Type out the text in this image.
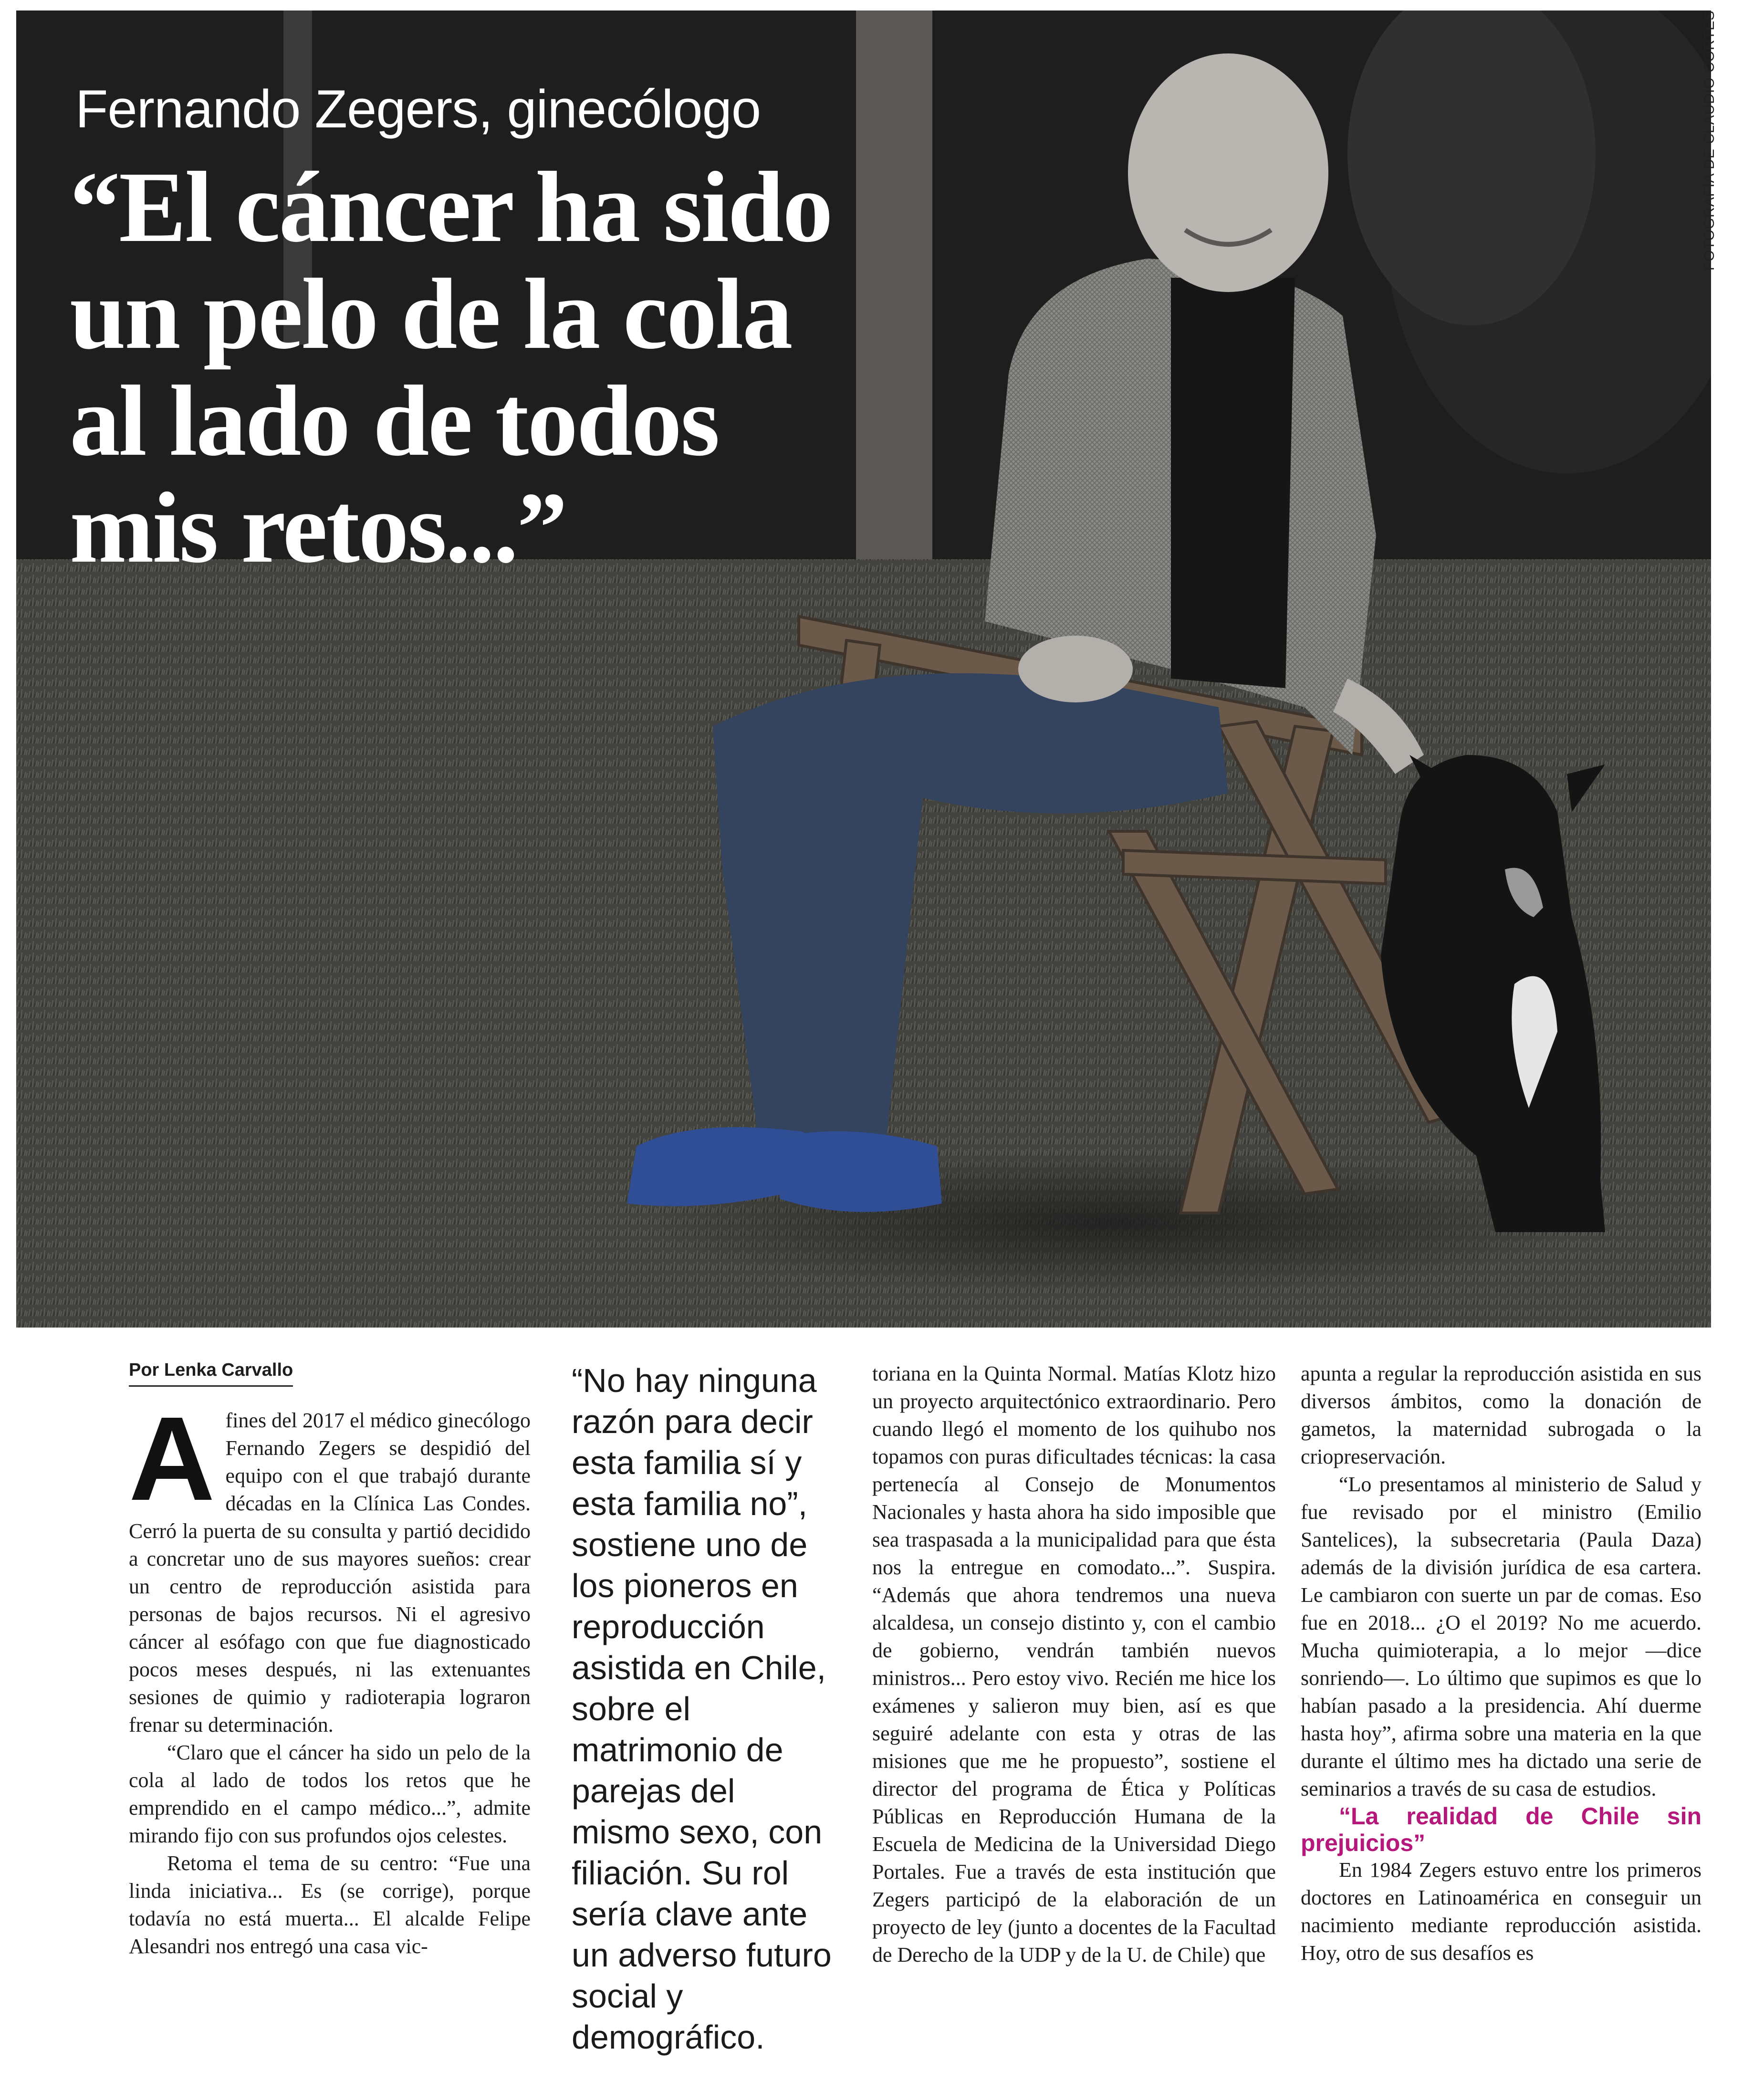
Fernando Zegers, ginecólogo
“El cáncer ha sido un pelo de la cola al lado de todos mis retos...”
FOTOGRAFÍA DE CLAUDIO CORTÉS
Por Lenka Carvallo

A fines del 2017 el médico ginecólogo Fernando Zegers se despidió del equipo con el que trabajó durante décadas en la Clínica Las Condes. Cerró la puerta de su consulta y partió decidido a concretar uno de sus mayores sueños: crear un centro de reproducción asistida para personas de bajos recursos. Ni el agresivo cáncer al esófago con que fue diagnosticado pocos meses después, ni las extenuantes sesiones de quimio y radioterapia lograron frenar su determinación.

“Claro que el cáncer ha sido un pelo de la cola al lado de todos los retos que he emprendido en el campo médico...”, admite mirando fijo con sus profundos ojos celestes.

Retoma el tema de su centro: “Fue una linda iniciativa... Es (se corrige), porque todavía no está muerta... El alcalde Felipe Alesandri nos entregó una casa vic-

“No hay ninguna razón para decir esta familia sí y esta familia no”, sostiene uno de los pioneros en reproducción asistida en Chile, sobre el matrimonio de parejas del mismo sexo, con filiación. Su rol sería clave ante un adverso futuro social y demográfico.

toriana en la Quinta Normal. Matías Klotz hizo un proyecto arquitectónico extraordinario. Pero cuando llegó el momento de los quihubo nos topamos con puras dificultades técnicas: la casa pertenecía al Consejo de Monumentos Nacionales y hasta ahora ha sido imposible que sea traspasada a la municipalidad para que ésta nos la entregue en comodato...”. Suspira. “Además que ahora tendremos una nueva alcaldesa, un consejo distinto y, con el cambio de gobierno, vendrán también nuevos ministros... Pero estoy vivo. Recién me hice los exámenes y salieron muy bien, así es que seguiré adelante con esta y otras de las misiones que me he propuesto”, sostiene el director del programa de Ética y Políticas Públicas en Reproducción Humana de la Escuela de Medicina de la Universidad Diego Portales. Fue a través de esta institución que Zegers participó de la elaboración de un proyecto de ley (junto a docentes de la Facultad de Derecho de la UDP y de la U. de Chile) que

apunta a regular la reproducción asistida en sus diversos ámbitos, como la donación de gametos, la maternidad subrogada o la criopreservación.

“Lo presentamos al ministerio de Salud y fue revisado por el ministro (Emilio Santelices), la subsecretaria (Paula Daza) además de la división jurídica de esa cartera. Le cambiaron con suerte un par de comas. Eso fue en 2018... ¿O el 2019? No me acuerdo. Mucha quimioterapia, a lo mejor —dice sonriendo—. Lo último que supimos es que lo habían pasado a la presidencia. Ahí duerme hasta hoy”, afirma sobre una materia en la que durante el último mes ha dictado una serie de seminarios a través de su casa de estudios.

“La realidad de Chile sin prejuicios”

En 1984 Zegers estuvo entre los primeros doctores en Latinoamérica en conseguir un nacimiento mediante reproducción asistida. Hoy, otro de sus desafíos es
